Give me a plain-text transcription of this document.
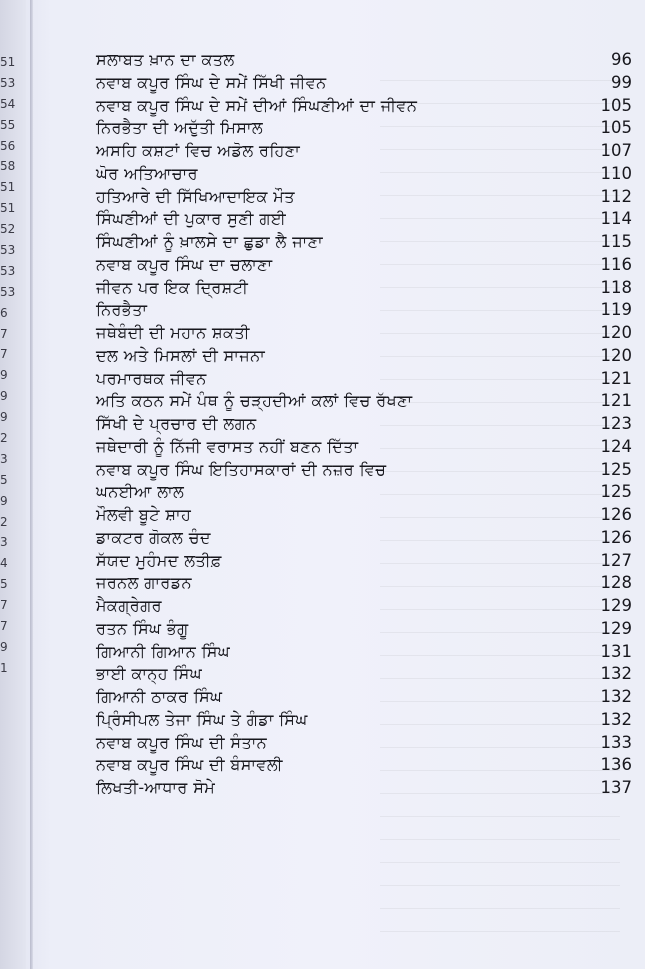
51
53
54
55
56
58
51
51
52
53
53
53
6
7
7
9
9
9
2
3
5
9
2
3
4
5
7
7
9
1
ਸਲਾਬਤ ਖ਼ਾਨ ਦਾ ਕਤਲ	96
ਨਵਾਬ ਕਪੂਰ ਸਿੰਘ ਦੇ ਸਮੇਂ ਸਿੱਖੀ ਜੀਵਨ	99
ਨਵਾਬ ਕਪੂਰ ਸਿੰਘ ਦੇ ਸਮੇਂ ਦੀਆਂ ਸਿੰਘਣੀਆਂ ਦਾ ਜੀਵਨ	105
ਨਿਰਭੈਤਾ ਦੀ ਅਦੁੱਤੀ ਮਿਸਾਲ	105
ਅਸਹਿ ਕਸ਼ਟਾਂ ਵਿਚ ਅਡੋਲ ਰਹਿਣਾ	107
ਘੋਰ ਅਤਿਆਚਾਰ	110
ਹਤਿਆਰੇ ਦੀ ਸਿੱਖਿਆਦਾਇਕ ਮੌਤ	112
ਸਿੰਘਣੀਆਂ ਦੀ ਪੁਕਾਰ ਸੁਣੀ ਗਈ	114
ਸਿੰਘਣੀਆਂ ਨੂੰ ਖ਼ਾਲਸੇ ਦਾ ਛੁਡਾ ਲੈ ਜਾਣਾ	115
ਨਵਾਬ ਕਪੂਰ ਸਿੰਘ ਦਾ ਚਲਾਣਾ	116
ਜੀਵਨ ਪਰ ਇਕ ਦ੍ਰਿਸ਼ਟੀ	118
ਨਿਰਭੈਤਾ	119
ਜਥੇਬੰਦੀ ਦੀ ਮਹਾਨ ਸ਼ਕਤੀ	120
ਦਲ ਅਤੇ ਮਿਸਲਾਂ ਦੀ ਸਾਜਨਾ	120
ਪਰਮਾਰਥਕ ਜੀਵਨ	121
ਅਤਿ ਕਠਨ ਸਮੇਂ ਪੰਥ ਨੂੰ ਚੜ੍ਹਦੀਆਂ ਕਲਾਂ ਵਿਚ ਰੱਖਣਾ	121
ਸਿੱਖੀ ਦੇ ਪ੍ਰਚਾਰ ਦੀ ਲਗਨ	123
ਜਥੇਦਾਰੀ ਨੂੰ ਨਿੱਜੀ ਵਰਾਸਤ ਨਹੀਂ ਬਣਨ ਦਿੱਤਾ	124
ਨਵਾਬ ਕਪੂਰ ਸਿੰਘ ਇਤਿਹਾਸਕਾਰਾਂ ਦੀ ਨਜ਼ਰ ਵਿਚ	125
ਘਨਈਆ ਲਾਲ	125
ਮੌਲਵੀ ਬੂਟੇ ਸ਼ਾਹ	126
ਡਾਕਟਰ ਗੋਕਲ ਚੰਦ	126
ਸੱਯਦ ਮੁਹੰਮਦ ਲਤੀਫ਼	127
ਜਰਨਲ ਗਾਰਡਨ	128
ਮੈਕਗ੍ਰੇਗਰ	129
ਰਤਨ ਸਿੰਘ ਭੰਗੂ	129
ਗਿਆਨੀ ਗਿਆਨ ਸਿੰਘ	131
ਭਾਈ ਕਾਨ੍ਹ ਸਿੰਘ	132
ਗਿਆਨੀ ਠਾਕਰ ਸਿੰਘ	132
ਪ੍ਰਿੰਸੀਪਲ ਤੇਜਾ ਸਿੰਘ ਤੇ ਗੰਡਾ ਸਿੰਘ	132
ਨਵਾਬ ਕਪੂਰ ਸਿੰਘ ਦੀ ਸੰਤਾਨ	133
ਨਵਾਬ ਕਪੂਰ ਸਿੰਘ ਦੀ ਬੰਸਾਵਲੀ	136
ਲਿਖਤੀ-ਆਧਾਰ ਸੋਮੇ	137
